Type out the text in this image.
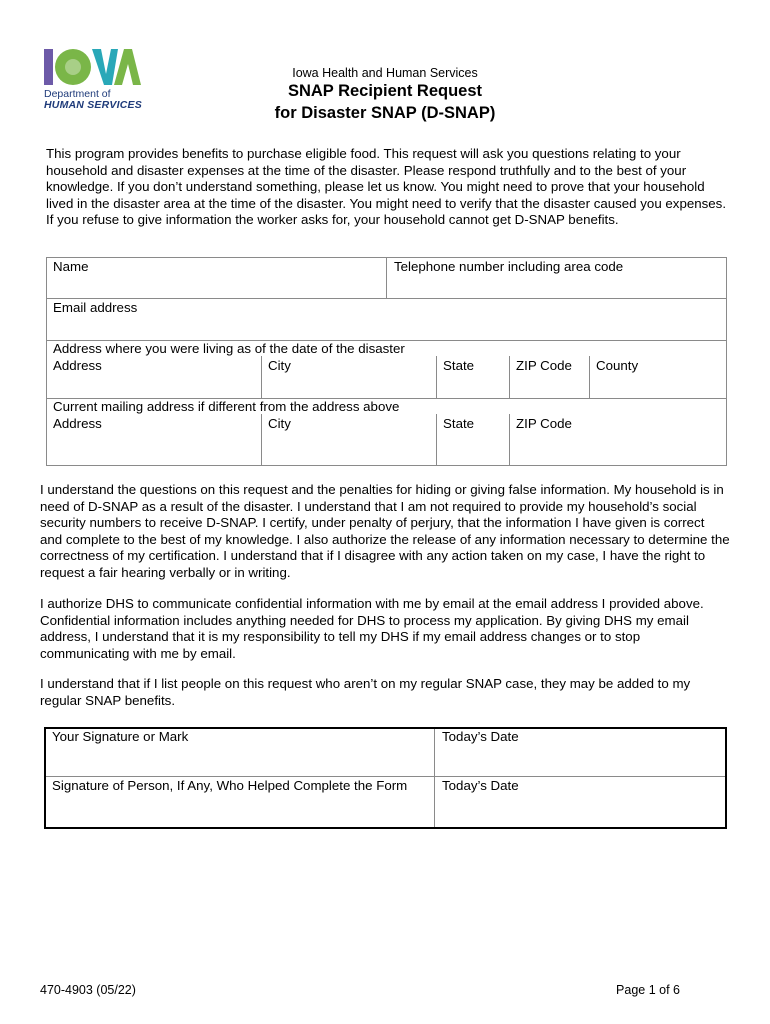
Department of
HUMAN SERVICES
Iowa Health and Human Services
SNAP Recipient Request
for Disaster SNAP (D-SNAP)
This program provides benefits to purchase eligible food. This request will ask you questions relating to your household and disaster expenses at the time of the disaster. Please respond truthfully and to the best of your knowledge. If you don’t understand something, please let us know. You might need to prove that your household lived in the disaster area at the time of the disaster. You might need to verify that the disaster caused you expenses. If you refuse to give information the worker asks for, your household cannot get D-SNAP benefits.
Name	Telephone number including area code
Email address
Address where you were living as of the date of the disaster
Address	City	State	ZIP Code	County
Current mailing address if different from the address above
Address	City	State	ZIP Code
I understand the questions on this request and the penalties for hiding or giving false information. My household is in need of D-SNAP as a result of the disaster. I understand that I am not required to provide my household’s social security numbers to receive D-SNAP. I certify, under penalty of perjury, that the information I have given is correct and complete to the best of my knowledge. I also authorize the release of any information necessary to determine the correctness of my certification. I understand that if I disagree with any action taken on my case, I have the right to request a fair hearing verbally or in writing.
I authorize DHS to communicate confidential information with me by email at the email address I provided above. Confidential information includes anything needed for DHS to process my application. By giving DHS my email address, I understand that it is my responsibility to tell my DHS if my email address changes or to stop communicating with me by email.
I understand that if I list people on this request who aren’t on my regular SNAP case, they may be added to my regular SNAP benefits.
Your Signature or Mark	Today’s Date
Signature of Person, If Any, Who Helped Complete the Form	Today’s Date
470-4903 (05/22)	Page 1 of 6
